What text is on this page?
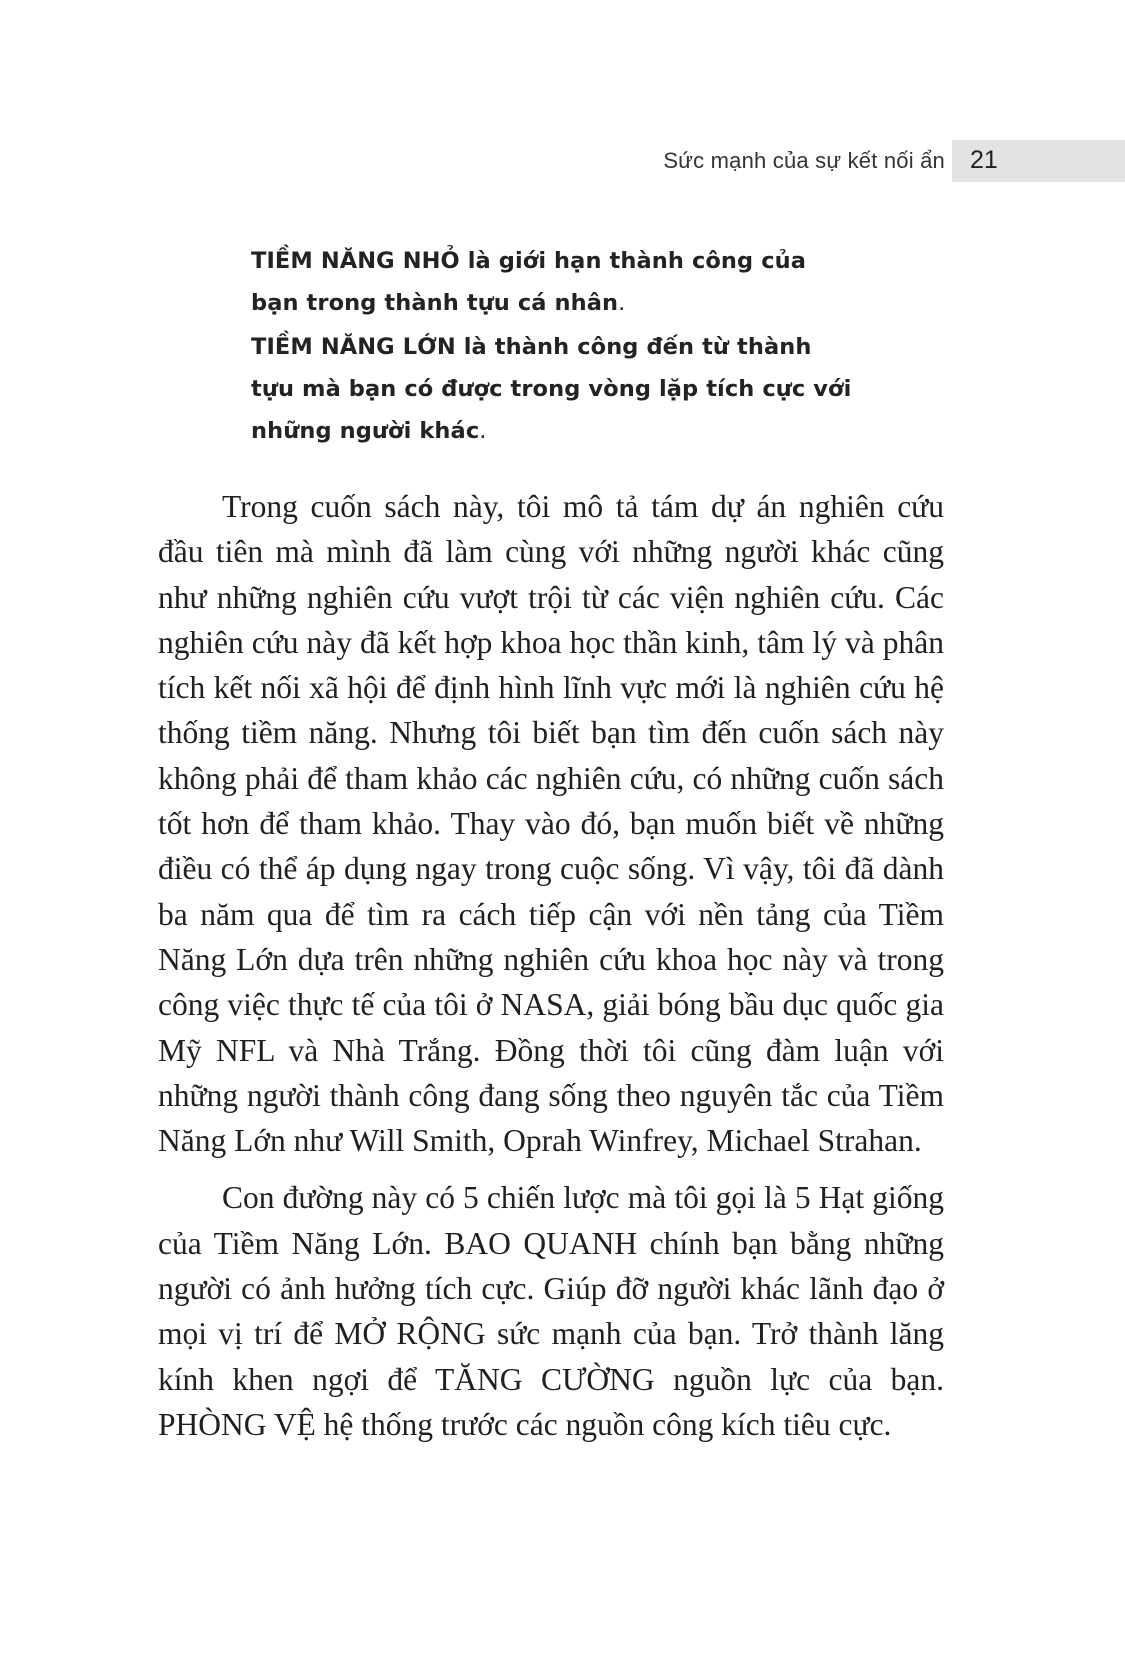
Sức mạnh của sự kết nối ẩn 21

TIỀM NĂNG NHỎ là giới hạn thành công của bạn trong thành tựu cá nhân.

TIỀM NĂNG LỚN là thành công đến từ thành tựu mà bạn có được trong vòng lặp tích cực với những người khác.

Trong cuốn sách này, tôi mô tả tám dự án nghiên cứu đầu tiên mà mình đã làm cùng với những người khác cũng như những nghiên cứu vượt trội từ các viện nghiên cứu. Các nghiên cứu này đã kết hợp khoa học thần kinh, tâm lý và phân tích kết nối xã hội để định hình lĩnh vực mới là nghiên cứu hệ thống tiềm năng. Nhưng tôi biết bạn tìm đến cuốn sách này không phải để tham khảo các nghiên cứu, có những cuốn sách tốt hơn để tham khảo. Thay vào đó, bạn muốn biết về những điều có thể áp dụng ngay trong cuộc sống. Vì vậy, tôi đã dành ba năm qua để tìm ra cách tiếp cận với nền tảng của Tiềm Năng Lớn dựa trên những nghiên cứu khoa học này và trong công việc thực tế của tôi ở NASA, giải bóng bầu dục quốc gia Mỹ NFL và Nhà Trắng. Đồng thời tôi cũng đàm luận với những người thành công đang sống theo nguyên tắc của Tiềm Năng Lớn như Will Smith, Oprah Winfrey, Michael Strahan.

Con đường này có 5 chiến lược mà tôi gọi là 5 Hạt giống của Tiềm Năng Lớn. BAO QUANH chính bạn bằng những người có ảnh hưởng tích cực. Giúp đỡ người khác lãnh đạo ở mọi vị trí để MỞ RỘNG sức mạnh của bạn. Trở thành lăng kính khen ngợi để TĂNG CƯỜNG nguồn lực của bạn. PHÒNG VỆ hệ thống trước các nguồn công kích tiêu cực.
